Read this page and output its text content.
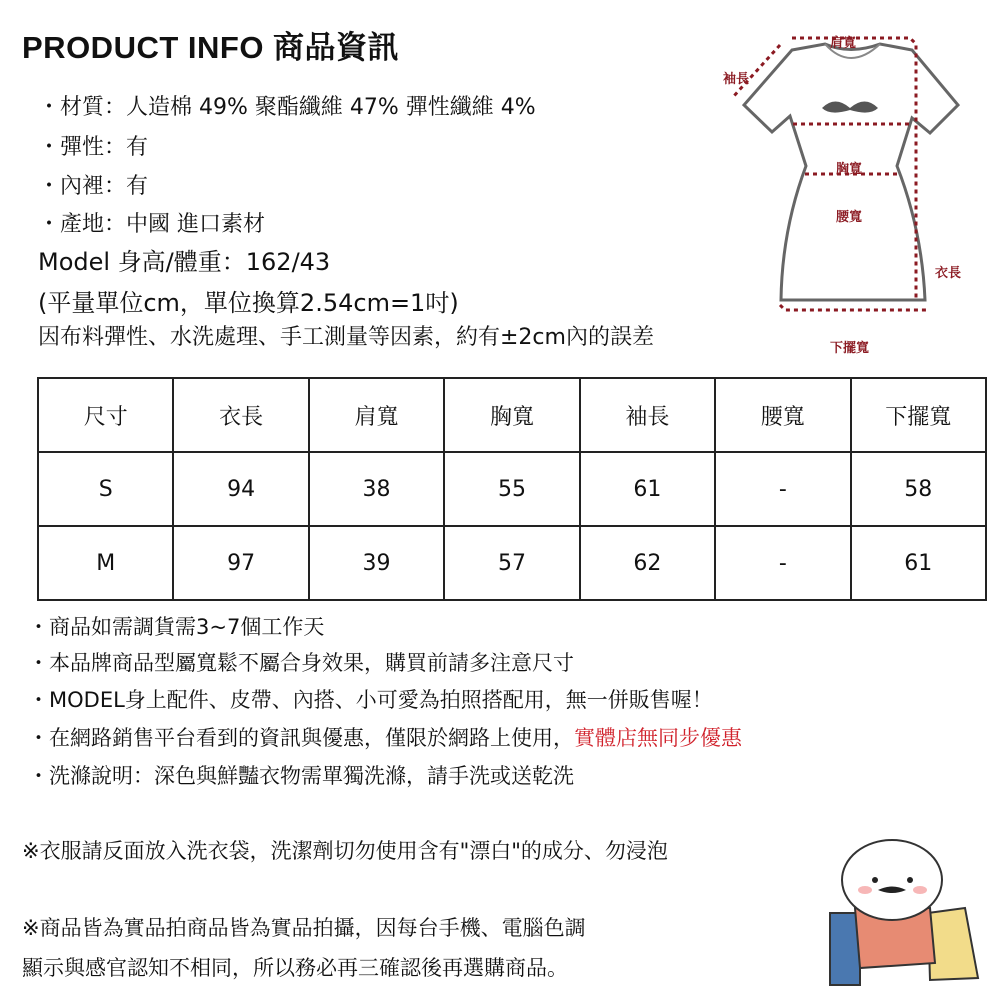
PRODUCT INFO 商品資訊
・材質：人造棉 49% 聚酯纖維 47% 彈性纖維 4%
・彈性：有
・內裡：有
・產地：中國 進口素材
Model 身高/體重：162/43
(平量單位cm，單位換算2.54cm=1吋)
因布料彈性、水洗處理、手工測量等因素，約有±2cm內的誤差
肩寬
袖長
胸寬
腰寬
衣長
下擺寬
尺寸	衣長	肩寬	胸寬	袖長	腰寬	下擺寬
S	94	38	55	61	-	58
M	97	39	57	62	-	61
・商品如需調貨需3~7個工作天
・本品牌商品型屬寬鬆不屬合身效果，購買前請多注意尺寸
・MODEL身上配件、皮帶、內搭、小可愛為拍照搭配用，無一併販售喔！
・在網路銷售平台看到的資訊與優惠，僅限於網路上使用，實體店無同步優惠
・洗滌說明：深色與鮮豔衣物需單獨洗滌，請手洗或送乾洗
※衣服請反面放入洗衣袋，洗潔劑切勿使用含有"漂白"的成分、勿浸泡
※商品皆為實品拍商品皆為實品拍攝，因每台手機、電腦色調
顯示與感官認知不相同，所以務必再三確認後再選購商品。
